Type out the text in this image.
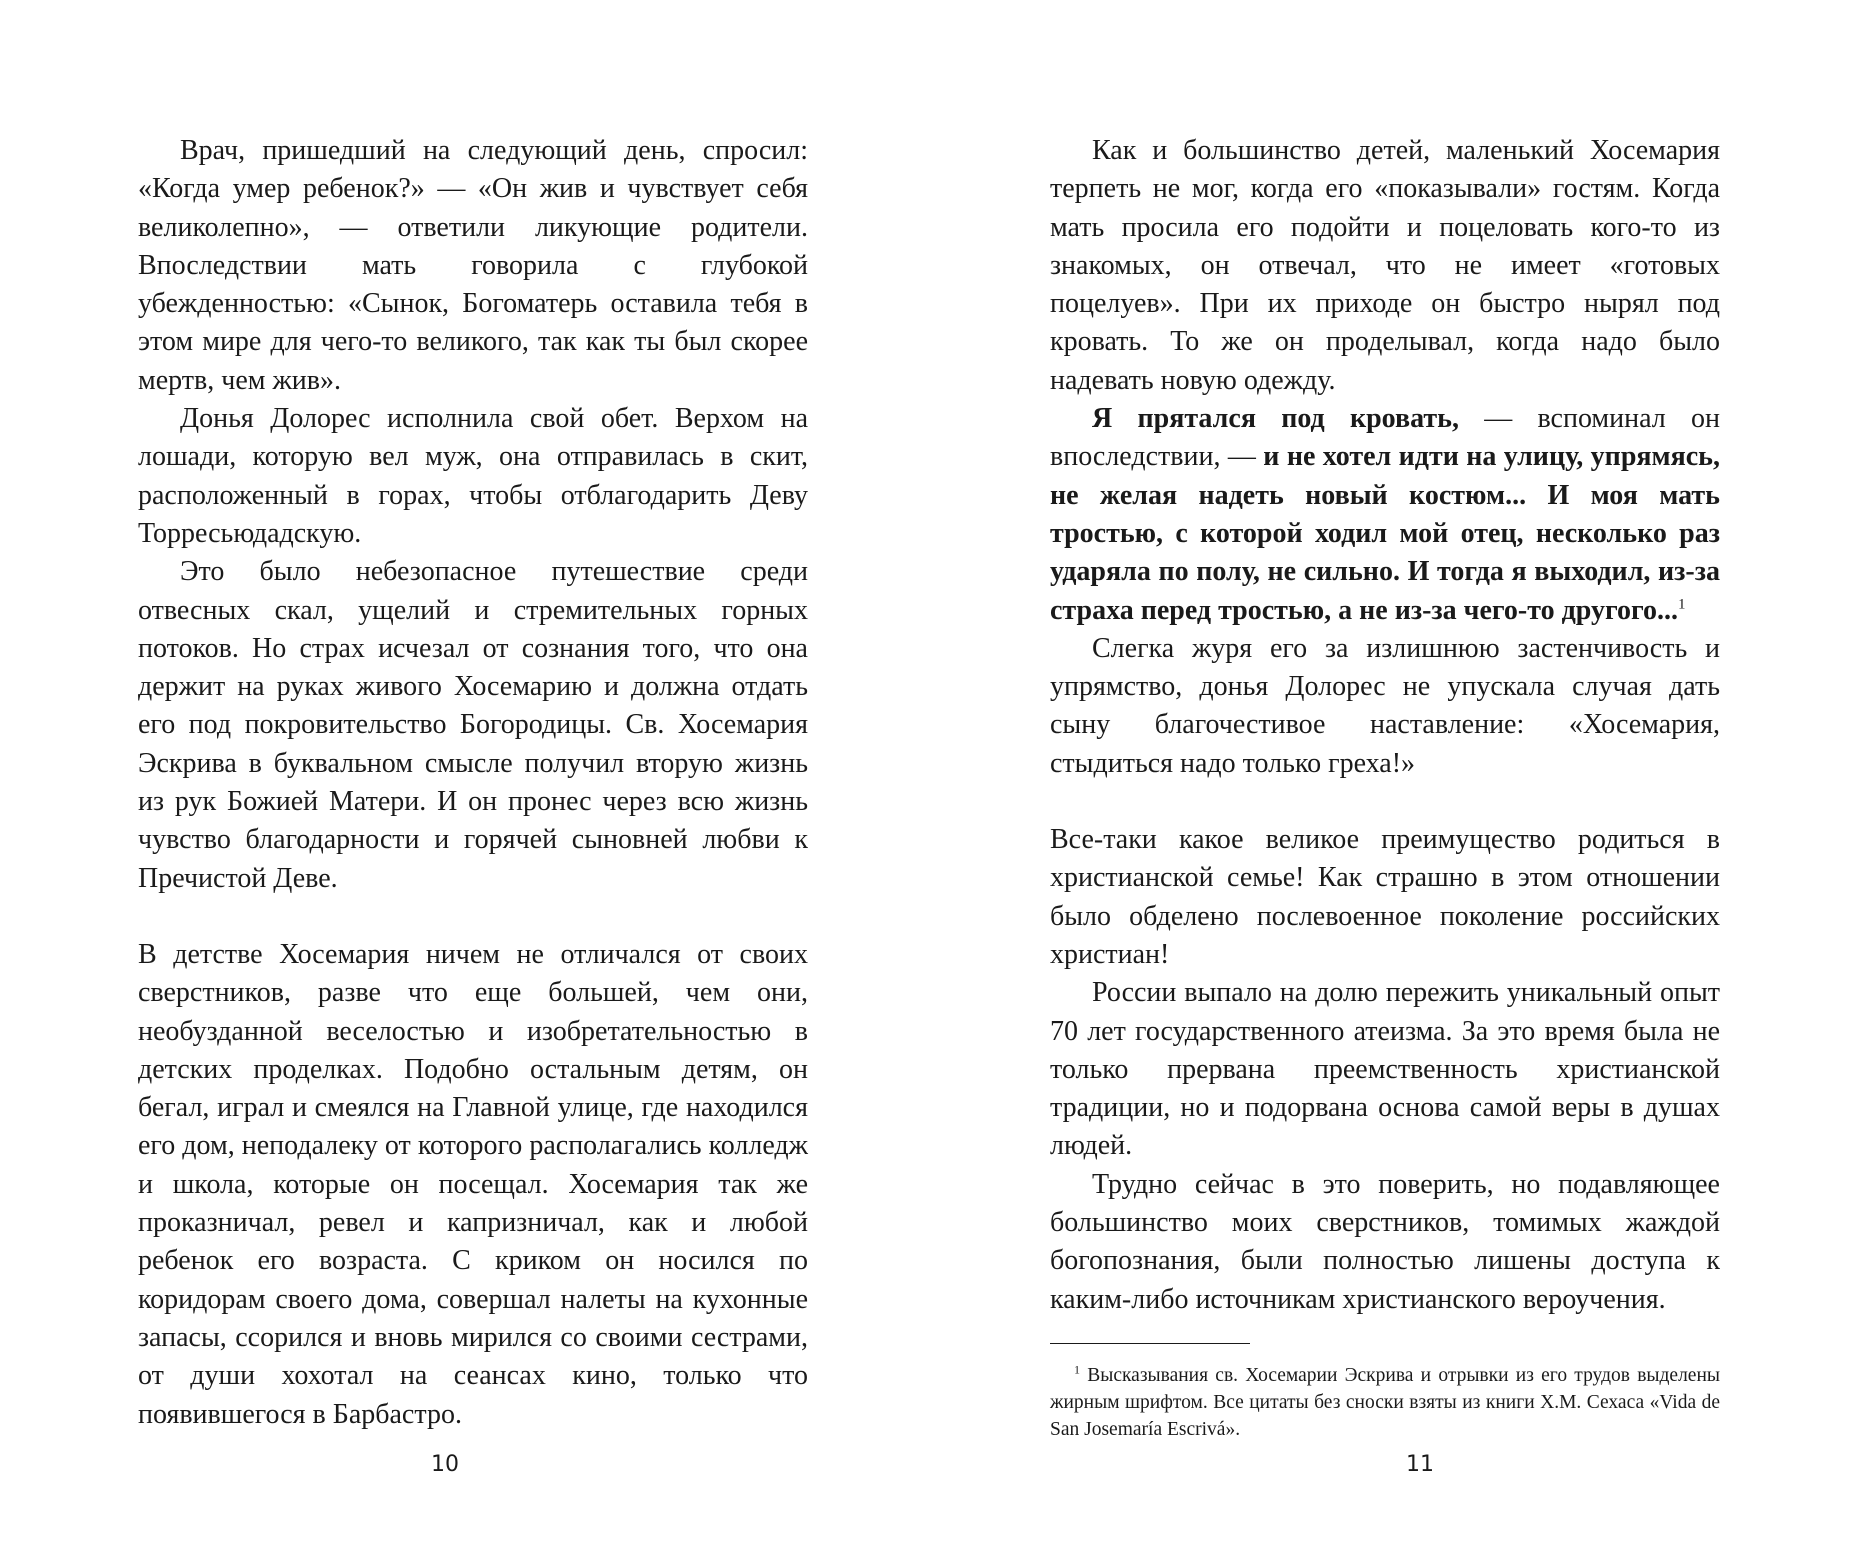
Врач, пришедший на следующий день, спросил: «Когда умер ребенок?» — «Он жив и чувствует себя великолепно», — ответили ликующие родители. Впоследствии мать говорила с глубокой убежденностью: «Сынок, Богоматерь оставила тебя в этом мире для чего-то великого, так как ты был скорее мертв, чем жив».

Донья Долорес исполнила свой обет. Верхом на лошади, которую вел муж, она отправилась в скит, расположенный в горах, чтобы отблагодарить Деву Торресьюдадскую.

Это было небезопасное путешествие среди отвесных скал, ущелий и стремительных горных потоков. Но страх исчезал от сознания того, что она держит на руках живого Хосемарию и должна отдать его под покровительство Богородицы. Св. Хосемария Эскрива в буквальном смысле получил вторую жизнь из рук Божией Матери. И он пронес через всю жизнь чувство благодарности и горячей сыновней любви к Пречистой Деве.

В детстве Хосемария ничем не отличался от своих сверстников, разве что еще большей, чем они, необузданной веселостью и изобретательностью в детских проделках. Подобно остальным детям, он бегал, играл и смеялся на Главной улице, где находился его дом, неподалеку от которого располагались колледж и школа, которые он посещал. Хосемария так же проказничал, ревел и капризничал, как и любой ребенок его возраста. С криком он носился по коридорам своего дома, совершал налеты на кухонные запасы, ссорился и вновь мирился со своими сестрами, от души хохотал на сеансах кино, только что появившегося в Барбастро.

Как и большинство детей, маленький Хосемария терпеть не мог, когда его «показывали» гостям. Когда мать просила его подойти и поцеловать кого-то из знакомых, он отвечал, что не имеет «готовых поцелуев». При их приходе он быстро нырял под кровать. То же он проделывал, когда надо было надевать новую одежду.

Я прятался под кровать, — вспоминал он впоследствии, — и не хотел идти на улицу, упрямясь, не желая надеть новый костюм... И моя мать тростью, с которой ходил мой отец, несколько раз ударяла по полу, не сильно. И тогда я выходил, из-за страха перед тростью, а не из-за чего-то другого...$^1$

Слегка журя его за излишнюю застенчивость и упрямство, донья Долорес не упускала случая дать сыну благочестивое наставление: «Хосемария, стыдиться надо только греха!»

Все-таки какое великое преимущество родиться в христианской семье! Как страшно в этом отношении было обделено послевоенное поколение российских христиан!

России выпало на долю пережить уникальный опыт 70 лет государственного атеизма. За это время была не только прервана преемственность христианской традиции, но и подорвана основа самой веры в душах людей.

Трудно сейчас в это поверить, но подавляющее большинство моих сверстников, томимых жаждой богопознания, были полностью лишены доступа к каким-либо источникам христианского вероучения.

$^1$ Высказывания св. Хосемарии Эскрива и отрывки из его трудов выделены жирным шрифтом. Все цитаты без сноски взяты из книги Х.М. Сехаса «Vida de San Josemaría Escrivá».

10	11
